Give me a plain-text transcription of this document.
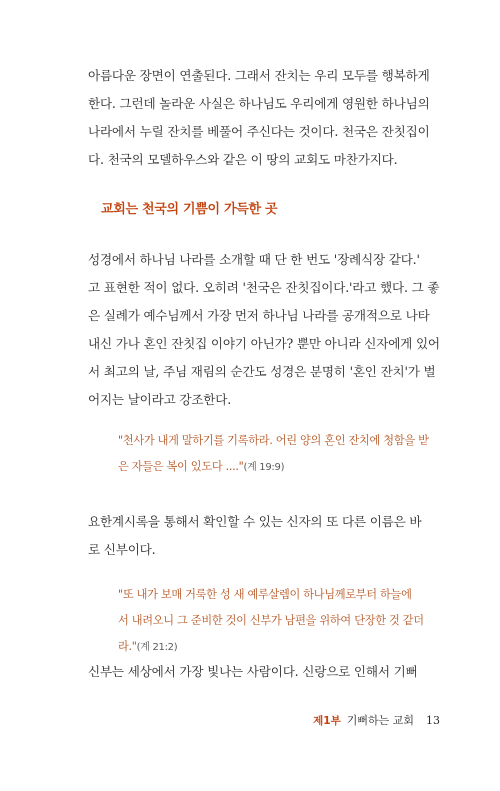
아름다운 장면이 연출된다. 그래서 잔치는 우리 모두를 행복하게
한다. 그런데 놀라운 사실은 하나님도 우리에게 영원한 하나님의
나라에서 누릴 잔치를 베풀어 주신다는 것이다. 천국은 잔칫집이
다. 천국의 모델하우스와 같은 이 땅의 교회도 마찬가지다.
교회는 천국의 기쁨이 가득한 곳
성경에서 하나님 나라를 소개할 때 단 한 번도 '장례식장 같다.'
고 표현한 적이 없다. 오히려 '천국은 잔칫집이다.'라고 했다. 그 좋
은 실례가 예수님께서 가장 먼저 하나님 나라를 공개적으로 나타
내신 가나 혼인 잔칫집 이야기 아닌가? 뿐만 아니라 신자에게 있어
서 최고의 날, 주님 재림의 순간도 성경은 분명히 '혼인 잔치'가 벌
어지는 날이라고 강조한다.
"천사가 내게 말하기를 기록하라. 어린 양의 혼인 잔치에 청함을 받
은 자들은 복이 있도다 ...."(계 19:9)
요한계시록을 통해서 확인할 수 있는 신자의 또 다른 이름은 바
로 신부이다.
"또 내가 보매 거룩한 성 새 예루살렘이 하나님께로부터 하늘에
서 내려오니 그 준비한 것이 신부가 남편을 위하여 단장한 것 같더
라."(계 21:2)
신부는 세상에서 가장 빛나는 사람이다. 신랑으로 인해서 기뻐
제1부 기뻐하는 교회 13
